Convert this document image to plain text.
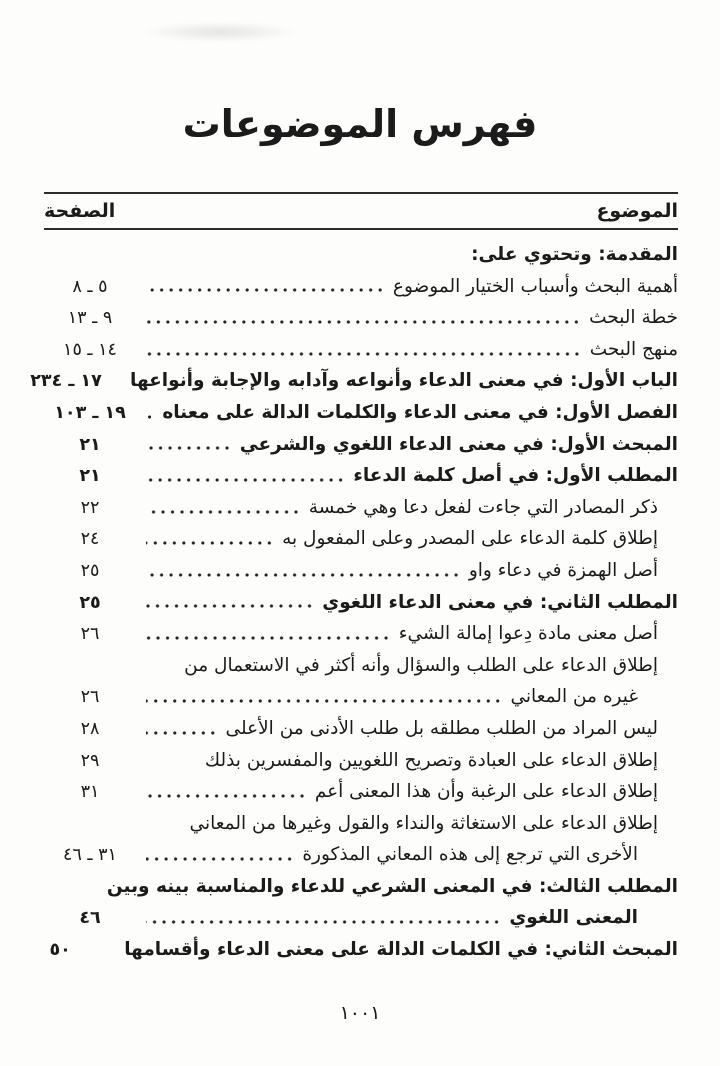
فهرس الموضوعات
الموضوع
الصفحة
المقدمة: وتحتوي على:
أهمية البحث وأسباب الختيار الموضوع
٥ ـ ٨
خطة البحث
٩ ـ ١٣
منهج البحث
١٤ ـ ١٥
الباب الأول: في معنى الدعاء وأنواعه وآدابه والإجابة وأنواعها
١٧ ـ ٢٣٤
الفصل الأول: في معنى الدعاء والكلمات الدالة على معناه
١٩ ـ ١٠٣
المبحث الأول: في معنى الدعاء اللغوي والشرعي
٢١
المطلب الأول: في أصل كلمة الدعاء
٢١
ذكر المصادر التي جاءت لفعل دعا وهي خمسة
٢٢
إطلاق كلمة الدعاء على المصدر وعلى المفعول به
٢٤
أصل الهمزة في دعاء واو
٢٥
المطلب الثاني: في معنى الدعاء اللغوي
٢٥
أصل معنى مادة دِعوا إمالة الشيء
٢٦
إطلاق الدعاء على الطلب والسؤال وأنه أكثر في الاستعمال من
غيره من المعاني
٢٦
ليس المراد من الطلب مطلقه بل طلب الأدنى من الأعلى
٢٨
إطلاق الدعاء على العبادة وتصريح اللغويين والمفسرين بذلك
٢٩
إطلاق الدعاء على الرغبة وأن هذا المعنى أعم
٣١
إطلاق الدعاء على الاستغاثة والنداء والقول وغيرها من المعاني
الأخرى التي ترجع إلى هذه المعاني المذكورة
٣١ ـ ٤٦
المطلب الثالث: في المعنى الشرعي للدعاء والمناسبة بينه وبين
المعنى اللغوي
٤٦
المبحث الثاني: في الكلمات الدالة على معنى الدعاء وأقسامها
٥٠
١٠٠١
